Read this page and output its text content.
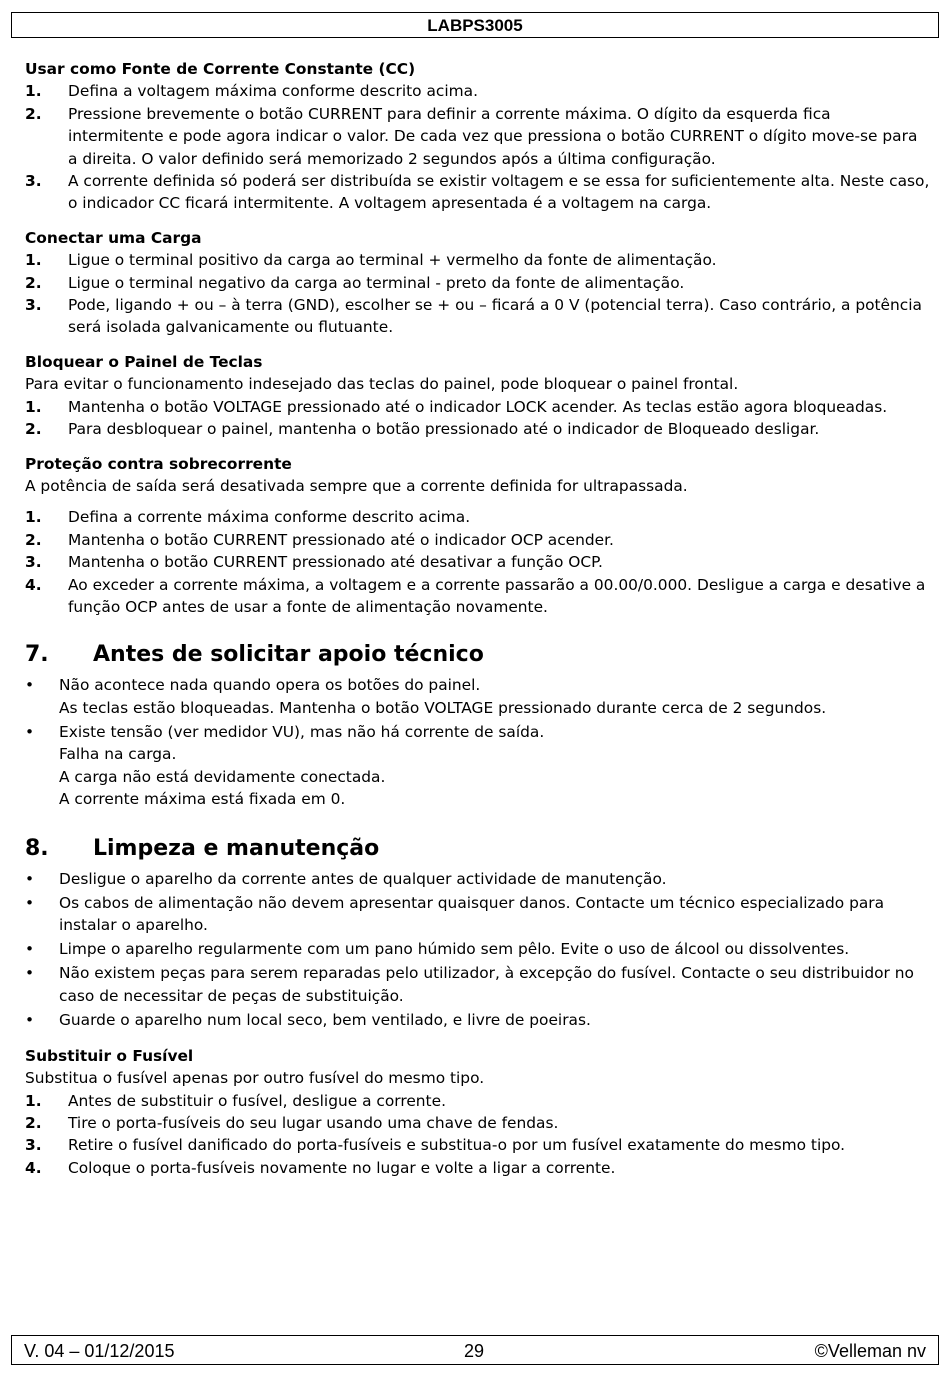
LABPS3005

Usar como Fonte de Corrente Constante (CC)

1. Defina a voltagem máxima conforme descrito acima.
2. Pressione brevemente o botão CURRENT para definir a corrente máxima. O dígito da esquerda fica intermitente e pode agora indicar o valor. De cada vez que pressiona o botão CURRENT o dígito move-se para a direita. O valor definido será memorizado 2 segundos após a última configuração.
3. A corrente definida só poderá ser distribuída se existir voltagem e se essa for suficientemente alta. Neste caso, o indicador CC ficará intermitente. A voltagem apresentada é a voltagem na carga.

Conectar uma Carga

1. Ligue o terminal positivo da carga ao terminal + vermelho da fonte de alimentação.
2. Ligue o terminal negativo da carga ao terminal - preto da fonte de alimentação.
3. Pode, ligando + ou – à terra (GND), escolher se + ou – ficará a 0 V (potencial terra). Caso contrário, a potência será isolada galvanicamente ou flutuante.

Bloquear o Painel de Teclas

Para evitar o funcionamento indesejado das teclas do painel, pode bloquear o painel frontal.

1. Mantenha o botão VOLTAGE pressionado até o indicador LOCK acender. As teclas estão agora bloqueadas.
2. Para desbloquear o painel, mantenha o botão pressionado até o indicador de Bloqueado desligar.

Proteção contra sobrecorrente

A potência de saída será desativada sempre que a corrente definida for ultrapassada.

1. Defina a corrente máxima conforme descrito acima.
2. Mantenha o botão CURRENT pressionado até o indicador OCP acender.
3. Mantenha o botão CURRENT pressionado até desativar a função OCP.
4. Ao exceder a corrente máxima, a voltagem e a corrente passarão a 00.00/0.000. Desligue a carga e desative a função OCP antes de usar a fonte de alimentação novamente.
7. Antes de solicitar apoio técnico
• Não acontece nada quando opera os botões do painel.
As teclas estão bloqueadas. Mantenha o botão VOLTAGE pressionado durante cerca de 2 segundos.
• Existe tensão (ver medidor VU), mas não há corrente de saída.
Falha na carga.
A carga não está devidamente conectada.
A corrente máxima está fixada em 0.
8. Limpeza e manutenção
• Desligue o aparelho da corrente antes de qualquer actividade de manutenção.
• Os cabos de alimentação não devem apresentar quaisquer danos. Contacte um técnico especializado para instalar o aparelho.
• Limpe o aparelho regularmente com um pano húmido sem pêlo. Evite o uso de álcool ou dissolventes.
• Não existem peças para serem reparadas pelo utilizador, à excepção do fusível. Contacte o seu distribuidor no caso de necessitar de peças de substituição.
• Guarde o aparelho num local seco, bem ventilado, e livre de poeiras.

Substituir o Fusível

Substitua o fusível apenas por outro fusível do mesmo tipo.

1. Antes de substituir o fusível, desligue a corrente.
2. Tire o porta-fusíveis do seu lugar usando uma chave de fendas.
3. Retire o fusível danificado do porta-fusíveis e substitua-o por um fusível exatamente do mesmo tipo.
4. Coloque o porta-fusíveis novamente no lugar e volte a ligar a corrente.
V. 04 – 01/12/2015	29	©Velleman nv
